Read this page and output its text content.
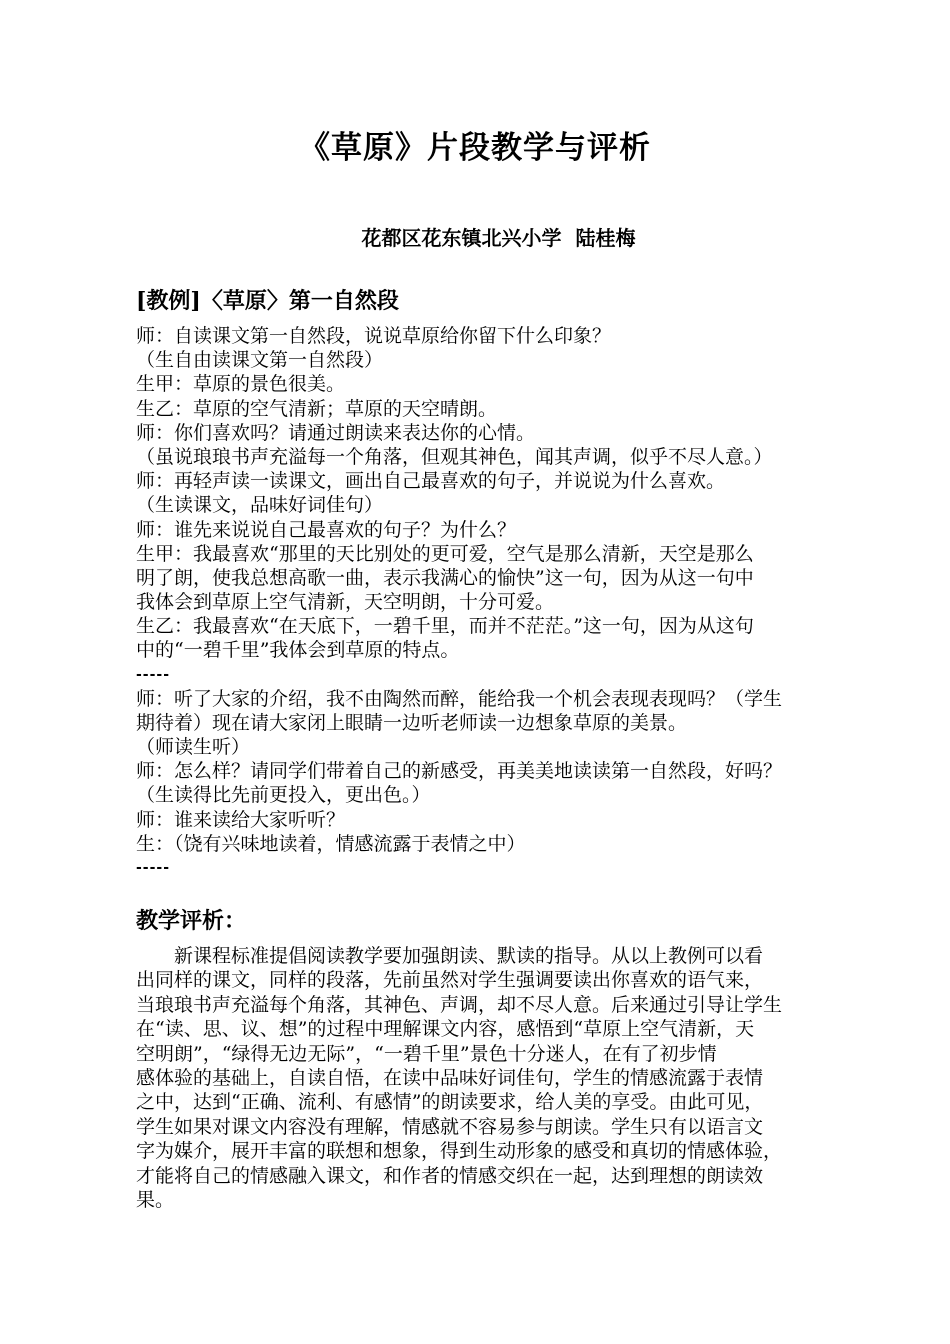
《草原》片段教学与评析
花都区花东镇北兴小学  陆桂梅
[教例]〈草原〉第一自然段
师：自读课文第一自然段，说说草原给你留下什么印象？
（生自由读课文第一自然段）
生甲：草原的景色很美。
生乙：草原的空气清新；草原的天空晴朗。
师：你们喜欢吗？请通过朗读来表达你的心情。
（虽说琅琅书声充溢每一个角落，但观其神色，闻其声调，似乎不尽人意。）
师：再轻声读一读课文，画出自己最喜欢的句子，并说说为什么喜欢。
（生读课文，品味好词佳句）
师：谁先来说说自己最喜欢的句子？为什么？
生甲：我最喜欢“那里的天比别处的更可爱，空气是那么清新，天空是那么
明了朗，使我总想高歌一曲，表示我满心的愉快”这一句，因为从这一句中
我体会到草原上空气清新，天空明朗，十分可爱。
生乙：我最喜欢“在天底下，一碧千里，而并不茫茫。”这一句，因为从这句
中的“一碧千里”我体会到草原的特点。
-----
师：听了大家的介绍，我不由陶然而醉，能给我一个机会表现表现吗？（学生
期待着）现在请大家闭上眼睛一边听老师读一边想象草原的美景。
（师读生听）
师：怎么样？请同学们带着自己的新感受，再美美地读读第一自然段，好吗？
（生读得比先前更投入，更出色。）
师：谁来读给大家听听？
生：（饶有兴味地读着，情感流露于表情之中）
-----
教学评析：
　　新课程标准提倡阅读教学要加强朗读、默读的指导。从以上教例可以看
出同样的课文，同样的段落，先前虽然对学生强调要读出你喜欢的语气来，
当琅琅书声充溢每个角落，其神色、声调，却不尽人意。后来通过引导让学生
在“读、思、议、想”的过程中理解课文内容，感悟到“草原上空气清新，天
空明朗”，“绿得无边无际”，“一碧千里”景色十分迷人，在有了初步情
感体验的基础上，自读自悟，在读中品味好词佳句，学生的情感流露于表情
之中，达到“正确、流利、有感情”的朗读要求，给人美的享受。由此可见，
学生如果对课文内容没有理解，情感就不容易参与朗读。学生只有以语言文
字为媒介，展开丰富的联想和想象，得到生动形象的感受和真切的情感体验，
才能将自己的情感融入课文，和作者的情感交织在一起，达到理想的朗读效
果。
